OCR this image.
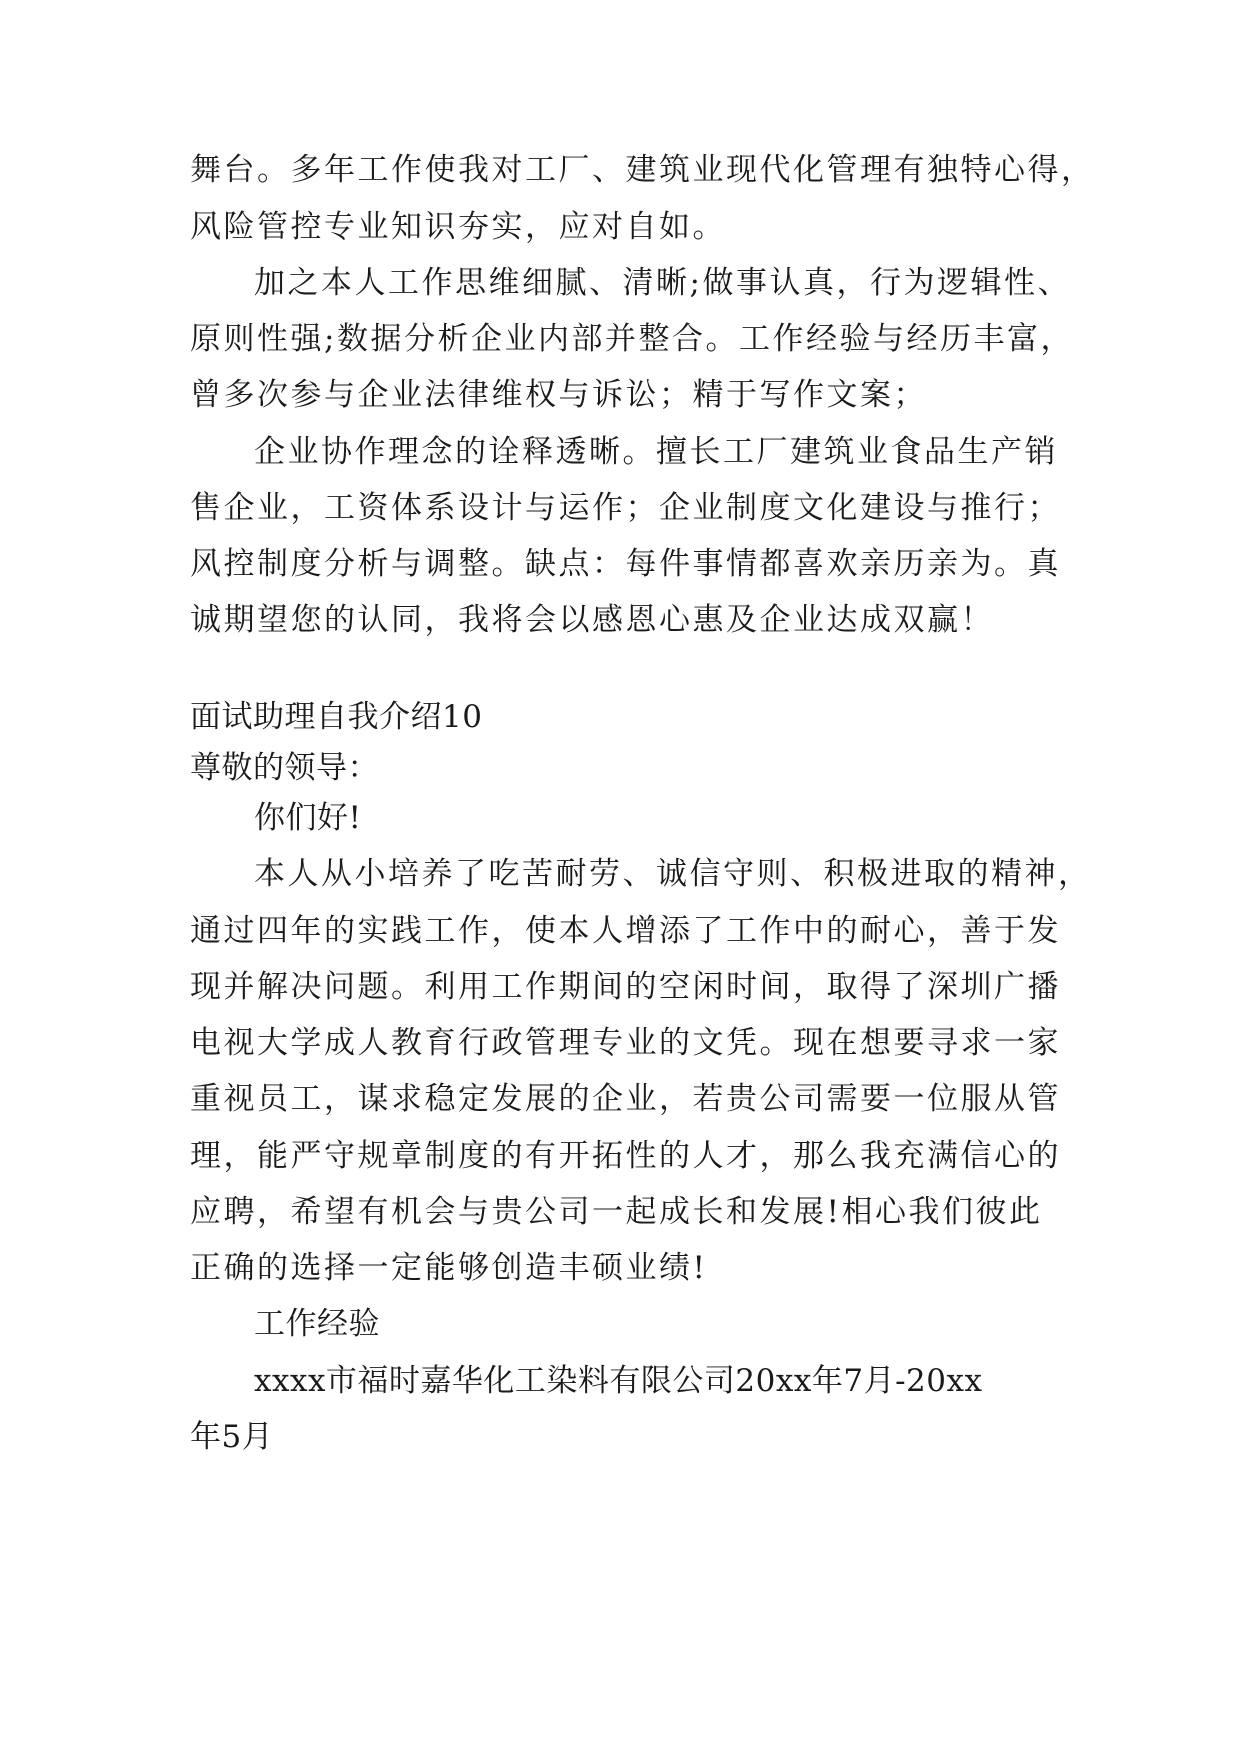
舞台。多年工作使我对工厂、建筑业现代化管理有独特心得，
风险管控专业知识夯实，应对自如。
加之本人工作思维细腻、清晰;做事认真，行为逻辑性、
原则性强;数据分析企业内部并整合。工作经验与经历丰富，
曾多次参与企业法律维权与诉讼；精于写作文案；
企业协作理念的诠释透晰。擅长工厂建筑业食品生产销
售企业，工资体系设计与运作；企业制度文化建设与推行；
风控制度分析与调整。缺点：每件事情都喜欢亲历亲为。真
诚期望您的认同，我将会以感恩心惠及企业达成双赢！
面试助理自我介绍10
尊敬的领导：
你们好!
本人从小培养了吃苦耐劳、诚信守则、积极进取的精神，
通过四年的实践工作，使本人增添了工作中的耐心，善于发
现并解决问题。利用工作期间的空闲时间，取得了深圳广播
电视大学成人教育行政管理专业的文凭。现在想要寻求一家
重视员工，谋求稳定发展的企业，若贵公司需要一位服从管
理，能严守规章制度的有开拓性的人才，那么我充满信心的
应聘，希望有机会与贵公司一起成长和发展!相心我们彼此
正确的选择一定能够创造丰硕业绩!
工作经验
xxxx市福时嘉华化工染料有限公司20xx年7月-20xx
年5月
